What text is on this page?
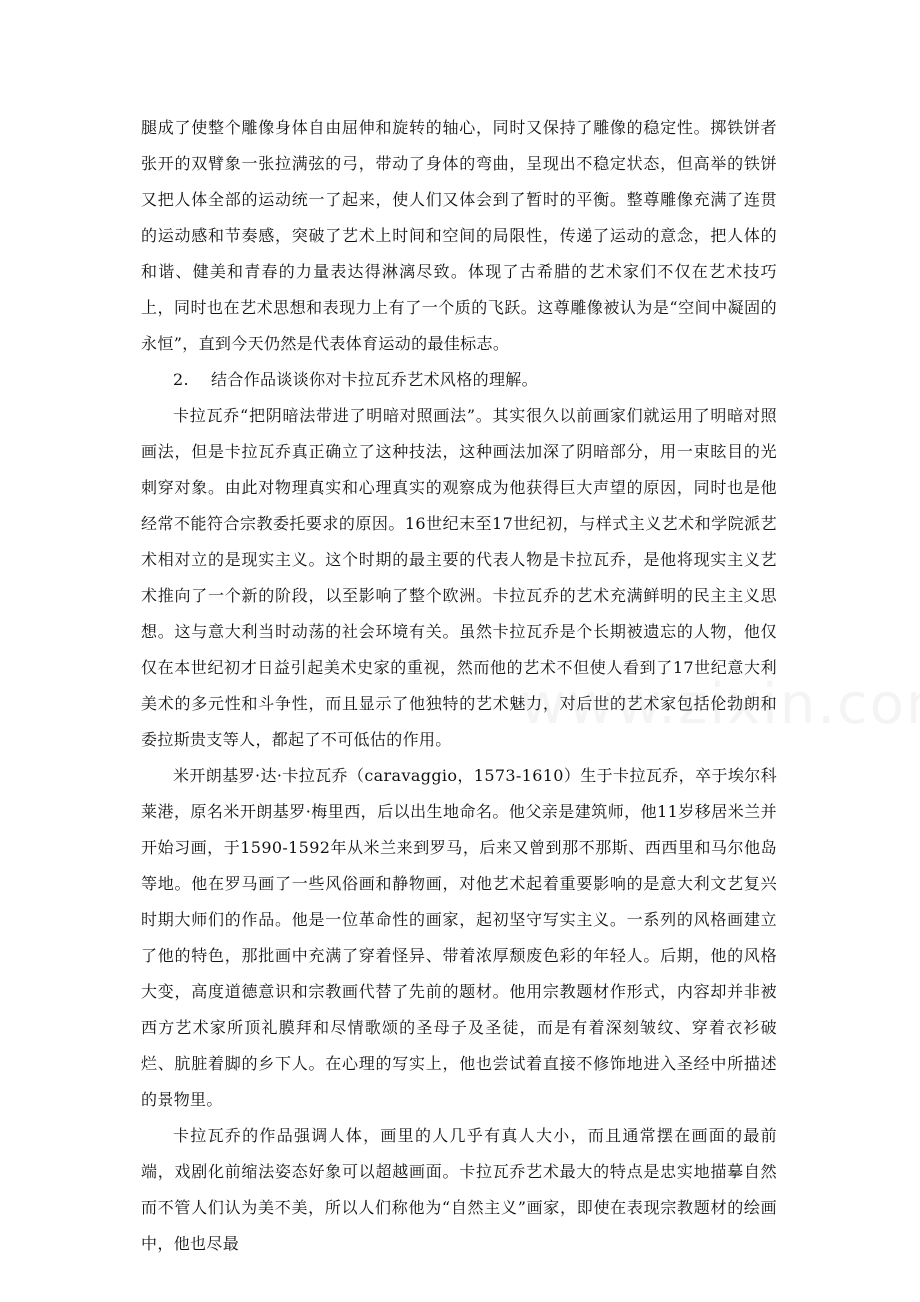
腿成了使整个雕像身体自由屈伸和旋转的轴心，同时又保持了雕像的稳定性。掷铁饼者张开的双臂象一张拉满弦的弓，带动了身体的弯曲，呈现出不稳定状态，但高举的铁饼又把人体全部的运动统一了起来，使人们又体会到了暂时的平衡。整尊雕像充满了连贯的运动感和节奏感，突破了艺术上时间和空间的局限性，传递了运动的意念，把人体的和谐、健美和青春的力量表达得淋漓尽致。体现了古希腊的艺术家们不仅在艺术技巧上，同时也在艺术思想和表现力上有了一个质的飞跃。这尊雕像被认为是“空间中凝固的永恒”，直到今天仍然是代表体育运动的最佳标志。

2. 结合作品谈谈你对卡拉瓦乔艺术风格的理解。

卡拉瓦乔“把阴暗法带进了明暗对照画法”。其实很久以前画家们就运用了明暗对照画法，但是卡拉瓦乔真正确立了这种技法，这种画法加深了阴暗部分，用一束眩目的光刺穿对象。由此对物理真实和心理真实的观察成为他获得巨大声望的原因，同时也是他经常不能符合宗教委托要求的原因。16世纪末至17世纪初，与样式主义艺术和学院派艺术相对立的是现实主义。这个时期的最主要的代表人物是卡拉瓦乔，是他将现实主义艺术推向了一个新的阶段，以至影响了整个欧洲。卡拉瓦乔的艺术充满鲜明的民主主义思想。这与意大利当时动荡的社会环境有关。虽然卡拉瓦乔是个长期被遗忘的人物，他仅仅在本世纪初才日益引起美术史家的重视，然而他的艺术不但使人看到了17世纪意大利美术的多元性和斗争性，而且显示了他独特的艺术魅力，对后世的艺术家包括伦勃朗和委拉斯贵支等人，都起了不可低估的作用。

米开朗基罗·达·卡拉瓦乔（caravaggio，1573-1610）生于卡拉瓦乔，卒于埃尔科莱港，原名米开朗基罗·梅里西，后以出生地命名。他父亲是建筑师，他11岁移居米兰并开始习画，于1590-1592年从米兰来到罗马，后来又曾到那不那斯、西西里和马尔他岛等地。他在罗马画了一些风俗画和静物画，对他艺术起着重要影响的是意大利文艺复兴时期大师们的作品。他是一位革命性的画家，起初坚守写实主义。一系列的风格画建立了他的特色，那批画中充满了穿着怪异、带着浓厚颓废色彩的年轻人。后期，他的风格大变，高度道德意识和宗教画代替了先前的题材。他用宗教题材作形式，内容却并非被西方艺术家所顶礼膜拜和尽情歌颂的圣母子及圣徒，而是有着深刻皱纹、穿着衣衫破烂、肮脏着脚的乡下人。在心理的写实上，他也尝试着直接不修饰地进入圣经中所描述的景物里。

卡拉瓦乔的作品强调人体，画里的人几乎有真人大小，而且通常摆在画面的最前端，戏剧化前缩法姿态好象可以超越画面。卡拉瓦乔艺术最大的特点是忠实地描摹自然而不管人们认为美不美，所以人们称他为“自然主义”画家，即使在表现宗教题材的绘画中，他也尽最
